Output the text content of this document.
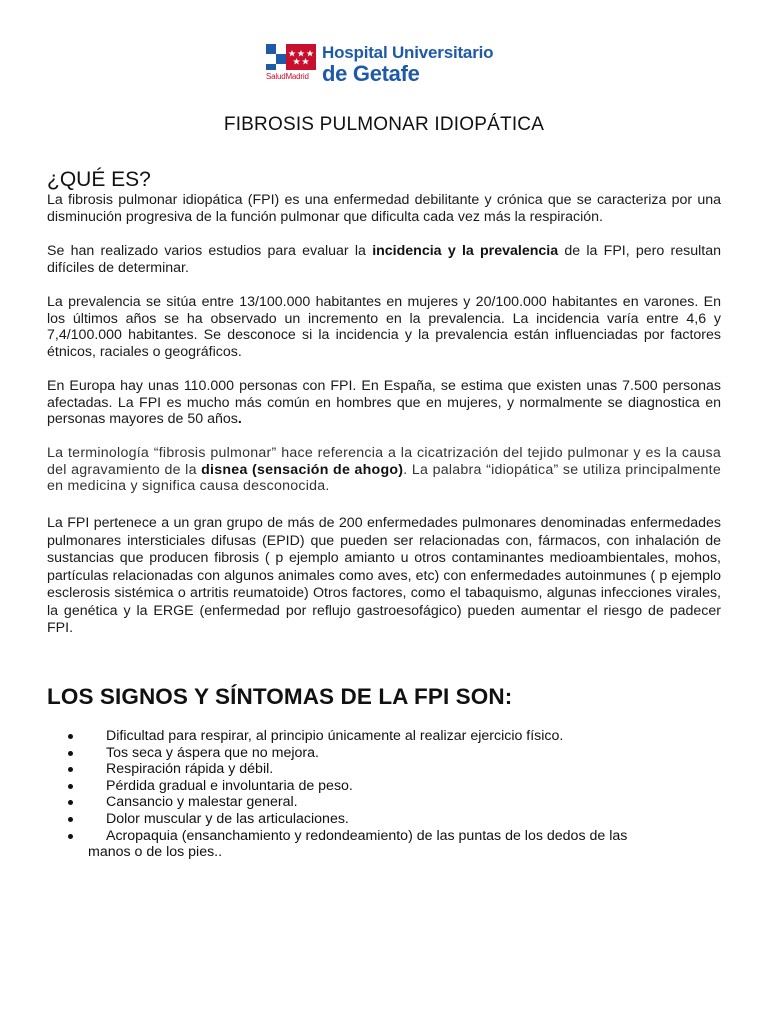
SaludMadrid
Hospital Universitario
de Getafe
FIBROSIS PULMONAR IDIOPÁTICA
¿QUÉ ES?
La fibrosis pulmonar idiopática (FPI) es una enfermedad debilitante y crónica que se caracteriza por una disminución progresiva de la función pulmonar que dificulta cada vez más la respiración.
Se han realizado varios estudios para evaluar la incidencia y la prevalencia de la FPI, pero resultan difíciles de determinar.
La prevalencia se sitúa entre 13/100.000 habitantes en mujeres y 20/100.000 habitantes en varones. En los últimos años se ha observado un incremento en la prevalencia. La incidencia varía entre 4,6 y 7,4/100.000 habitantes. Se desconoce si la incidencia y la prevalencia están influenciadas por factores étnicos, raciales o geográficos.
En Europa hay unas 110.000 personas con FPI. En España, se estima que existen unas 7.500 personas afectadas. La FPI es mucho más común en hombres que en mujeres, y normalmente se diagnostica en personas mayores de 50 años.
La terminología “fibrosis pulmonar” hace referencia a la cicatrización del tejido pulmonar y es la causa del agravamiento de la disnea (sensación de ahogo). La palabra “idiopática” se utiliza principalmente en medicina y significa causa desconocida.
La FPI pertenece a un gran grupo de más de 200 enfermedades pulmonares denominadas enfermedades pulmonares intersticiales difusas (EPID) que pueden ser relacionadas con, fármacos, con inhalación de sustancias que producen fibrosis ( p ejemplo amianto u otros contaminantes medioambientales, mohos, partículas relacionadas con algunos animales como aves, etc) con enfermedades autoinmunes ( p ejemplo esclerosis sistémica o artritis reumatoide) Otros factores, como el tabaquismo, algunas infecciones virales, la genética y la ERGE (enfermedad por reflujo gastroesofágico) pueden aumentar el riesgo de padecer FPI.
LOS SIGNOS Y SÍNTOMAS DE LA FPI SON:
Dificultad para respirar, al principio únicamente al realizar ejercicio físico.
Tos seca y áspera que no mejora.
Respiración rápida y débil.
Pérdida gradual e involuntaria de peso.
Cansancio y malestar general.
Dolor muscular y de las articulaciones.
Acropaquia (ensanchamiento y redondeamiento) de las puntas de los dedos de las
manos o de los pies..
